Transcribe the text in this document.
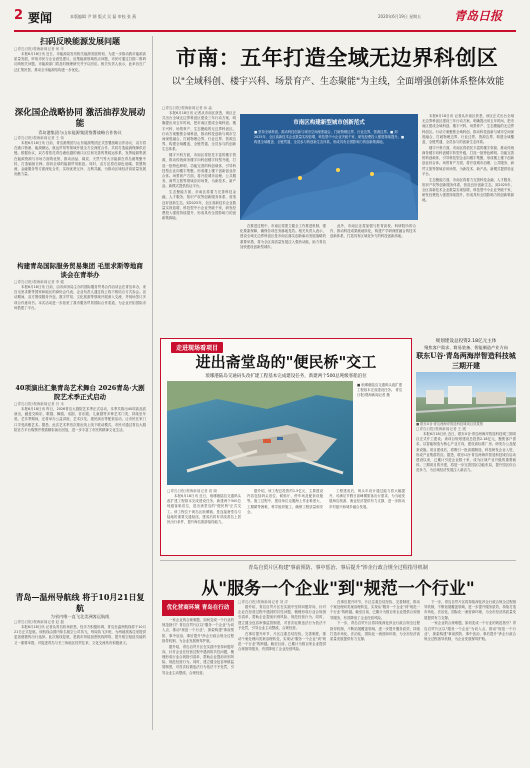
2 要闻	本版编辑 尹 钢 版式 吴 磊 审校 张 燕	2020年6月19日 星期五	青岛日报
扫码反映能源发展问题
□青岛日报/观海新闻记者 何 辛

本报6月18日讯 近日，市能源局发布相关能源发展规划，为进一步推动我市能源高质量发展，听取市民与企业意见建议，征集能源领域热点问题，市民可通过扫描二维码反映相关问题，市能源部门将及时梳理研究并予以回应。相关负责人表示，此举旨在广泛汇集民智，推动全市能源结构进一步优化。

深化国企战略协同 激活油荐发展动能
青岛港集团与山东能源集团签署战略合作协议
□青岛日报/观海新闻记者 王 伟

本报6月18日讯 日前，青岛港集团与山东能源集团正式签署战略合作协议，双方将在港口物流、能源储运、航运贸易等领域开展全方位深度合作，共同打造能源保障供应链。根据协议，双方将依托青岛港优越的港口区位和完善的集疏运体系，发挥能源集团在能源资源与市场方面的优势，推动油品、煤炭、天然气等大宗能源在青岛港集聚中转，打造辐射日韩、面向全球的能源贸易枢纽。同时，双方还将在绿色低碳、智慧物流、金融服务等方面深化合作，实现优势互补、互利共赢，为推动区域经济高质量发展贡献力量。

构建青岛国际服务贸易集团 毛里求斯等地商谈会在青举办
□青岛日报/观海新闻记者 李 健

本报6月18日讯 日前，由市商务局主办的国际服务贸易合作洽谈会在青岛举办，来自毛里求斯等国家和地区的商协会代表、企业负责人通过线上线下相结合方式参会。活动期间，双方围绕服务外包、数字贸易、文化旅游等领域开展深入交流，并现场签订多项合作意向书。本次活动进一步拓宽了我市服务贸易国际合作渠道，为企业开拓国际市场搭建了平台。

40项演出汇集青岛艺术舞台 2026青岛·大剧院艺术季正式启动
□青岛日报/观海新闻记者 吕 禾

本报6月18日讯 昨日，2026青岛大剧院艺术季正式启动，本季共推出40项高品质演出，涵盖交响乐、歌剧、舞剧、话剧、音乐剧、儿童剧等多种艺术门类，持续至年底。艺术季期间，还将举办公益讲座、艺术沙龙、惠民演出等配套活动，让市民在家门口享受高雅艺术。据悉，此次艺术季首次推出线上线下联动模式，市民可通过青岛大剧院官方平台购票并观看精彩演出回放，进一步丰富了市民的精神文化生活。

青岛—温州导航线 将于10月21日复航
为省内唯一直飞北美洲客运航线
□青岛日报/观海新闻记者 赵 磊

本报6月18日讯 记者从青岛机场获悉，经多方积极协调，青岛至温州航线将于10月21日正式复航。该航线由国内知名航空公司执飞，每周执飞多班，为两地旅客往来提供更加便捷的出行选择。此次航线复航，是我市持续加密航线网络、提升航空枢纽功能的又一重要举措，对促进青岛与长三角地区经贸往来、文化交流具有积极意义。

市南：五年打造全域无边界科创区
以"全域科创、楼宇兴科、场景育产、生态聚能"为主线，全面增强创新体系整体效能
□青岛日报/观海新闻记者 孙 淼

本报6月18日讯 记者从市南区获悉，该区正式出台全域无边界科创区建设三年行动方案，明确提出用五年时间，把市南区建成全域科创、楼宇兴科、场景育产、生态聚能的无边界科创区。行动方案聚焦全域科创，推动科技创新与城市空间深度融合，打破物理边界、行业边界、资源边界，构建全域覆盖、全链贯通、全员参与的创新生态体系。

楼宇兴科方面，市南区将依托丰富的楼宇资源，推动传统商务楼宇向科创楼宇转型升级，打造一批特色鲜明、功能完善的科创载体，引导科技型企业向楼宇集聚，形成楼上楼下创新创业综合体。场景育产方面，将开放城市治理、公共服务、商贸文旅等领域应用场景，为新技术、新产品、新模式提供验证平台。

生态聚能方面，市南区将着力完善科技金融、人才服务、知识产权等创新服务体系，营造良好创新生态。到2025年，全区高新技术企业数量实现倍增，科技型中小企业突破千家，研发经费投入强度持续提升，形成具有全国影响力的创新策源地。

市南区构建新型城市创新范式
■ 坚持全域科创，推动科技创新与城市空间深度融合，打破物理边界、行业边界、资源边界。■ 到2025年，全区高新技术企业数量实现倍增，科技型中小企业突破千家，研发经费投入强度持续提升。■ 构建全域覆盖、全链贯通、全员参与的创新生态体系，形成具有全国影响力的创新策源地。

在推进过程中，市南区将建立健全工作推进机制，强化要素保障，确保各项任务落地见效。相关负责人表示，建设全域无边界科创区是市南区落实创新驱动发展战略的重要举措，将为全区高质量发展注入强劲动能，助力青岛加快建设创新型城市。

此外，市南区还将加强与驻青高校、科研院所的合作，推动科技成果就地转化，构建产学研深度融合的技术创新体系，打造具有区域竞争力的科技创新高地。

本报6月18日讯 记者从市南区获悉，该区正式出台全域无边界科创区建设三年行动方案，明确提出用五年时间，把市南区建成全域科创、楼宇兴科、场景育产、生态聚能的无边界科创区。行动方案聚焦全域科创，推动科技创新与城市空间深度融合，打破物理边界、行业边界、资源边界，构建全域覆盖、全链贯通、全员参与的创新生态体系。

楼宇兴科方面，市南区将依托丰富的楼宇资源，推动传统商务楼宇向科创楼宇转型升级，打造一批特色鲜明、功能完善的科创载体，引导科技型企业向楼宇集聚，形成楼上楼下创新创业综合体。场景育产方面，将开放城市治理、公共服务、商贸文旅等领域应用场景，为新技术、新产品、新模式提供验证平台。

生态聚能方面，市南区将着力完善科技金融、人才服务、知识产权等创新服务体系，营造良好创新生态。到2025年，全区高新技术企业数量实现倍增，科技型中小企业突破千家，研发经费投入强度持续提升，形成具有全国影响力的创新策源地。

走进现场看项目
进出斋堂岛的"便民桥"交工
琅琊港陆岛交通码头改扩建工程基本完成建设任务，新建两个500总吨级客船泊位
■ 琅琊港陆岛交通码头改扩建工程基本完成建设任务。 青岛日报/观海新闻记者 摄
□青岛日报/观海新闻记者 周 晓

本报6月18日讯 近日，琅琊港陆岛交通码头改扩建工程基本完成建设任务，新建两个500总吨级客船泊位，进出斋堂岛的"便民桥"正式交工。该工程位于黄岛区琅琊镇，是连接斋堂岛与陆地的重要交通枢纽，建成后将有效改善岛上居民出行条件，提升海岛旅游接待能力。

据介绍，该工程总投资约1.5亿元，主要建设内容包括码头泊位、候船厅、停车场及配套设施等。施工过程中，建设单位克服海上作业难度大、工期紧等困难，科学组织施工，确保工程质量和安全。

工程建成后，码头年设计通过能力将大幅提升，可满足节假日高峰期旅客出行需求，为当地发展海岛旅游、渔业经济提供有力支撑，进一步推动乡村振兴和城乡融合发展。

规划建设总投资2.18亿元主体
聚焦客户需求、简易装备、智能制造产业方向
联东U谷·青岛两海岸智造科技城三期开建
■ 联东U谷·青岛两海岸智造科技城项目效果图
□青岛日报/观海新闻记者 王 媛

本报6月18日讯 近日，联东U谷·青岛两海岸智造科技城三期项目正式开工建设。该项目规划建设总投资2.18亿元，聚焦客户需求，以智能制造为核心产业方向，建设高标准厂房、研发办公及配套设施。项目建成后，将吸引一批高端制造、科技研发企业入驻，形成产业集群效应。据悉，联东U谷·青岛两海岸智造科技城自启动建设以来，已累计引进企业数十家，成为区域产业升级的重要载体。三期项目的开建，将进一步完善园区功能布局，提升园区综合竞争力，为区域经济发展注入新活力。

青岛自贸片区构建"事前预防、事中惩治、事后提升"涉企行政合规全过程指导机制
从"服务一个企业"到"规范一个行业"
优化营商环境 青岛在行动

一家企业的合规难题，如何变成一个行业的规范指引？青岛自贸片区以"服务一个企业"为切入点，推动"规范一个行业"，探索构建"事前预防、事中惩治、事后提升"涉企行政合规全过程指导机制，为企业发展保驾护航。

据介绍，青岛自贸片区在实践中坚持问题导向，针对企业在经营过程中遇到的共性问题，梳理形成行业合规指引清单，帮助企业提前识别风险、规范经营行为。同时，建立健全包容审慎监管制度，对首次轻微违法行为依法不予处罚，引导企业主动整改、合规经营。

□青岛日报/观海新闻记者 刘 洋

据介绍，青岛自贸片区在实践中坚持问题导向，针对企业在经营过程中遇到的共性问题，梳理形成行业合规指引清单，帮助企业提前识别风险、规范经营行为。同时，建立健全包容审慎监管制度，对首次轻微违法行为依法不予处罚，引导企业主动整改、合规经营。

在事后提升环节，片区注重总结经验、完善制度，推动个案处理向类案治理转变，实现从"服务一个企业"到"规范一个行业"的跨越。截至目前，已累计为数百家企业提供合规指导服务，有效降低了企业经营风险。

在事后提升环节，片区注重总结经验、完善制度，推动个案处理向类案治理转变，实现从"服务一个企业"到"规范一个行业"的跨越。截至目前，已累计为数百家企业提供合规指导服务，有效降低了企业经营风险。

下一步，青岛自贸片区将持续深化涉企行政合规全过程指导机制，不断拓展覆盖领域，进一步提升服务质效，持续打造市场化、法治化、国际化一流营商环境，为全市经济高质量发展提供有力支撑。

下一步，青岛自贸片区将持续深化涉企行政合规全过程指导机制，不断拓展覆盖领域，进一步提升服务质效，持续打造市场化、法治化、国际化一流营商环境，为全市经济高质量发展提供有力支撑。

一家企业的合规难题，如何变成一个行业的规范指引？青岛自贸片区以"服务一个企业"为切入点，推动"规范一个行业"，探索构建"事前预防、事中惩治、事后提升"涉企行政合规全过程指导机制，为企业发展保驾护航。
